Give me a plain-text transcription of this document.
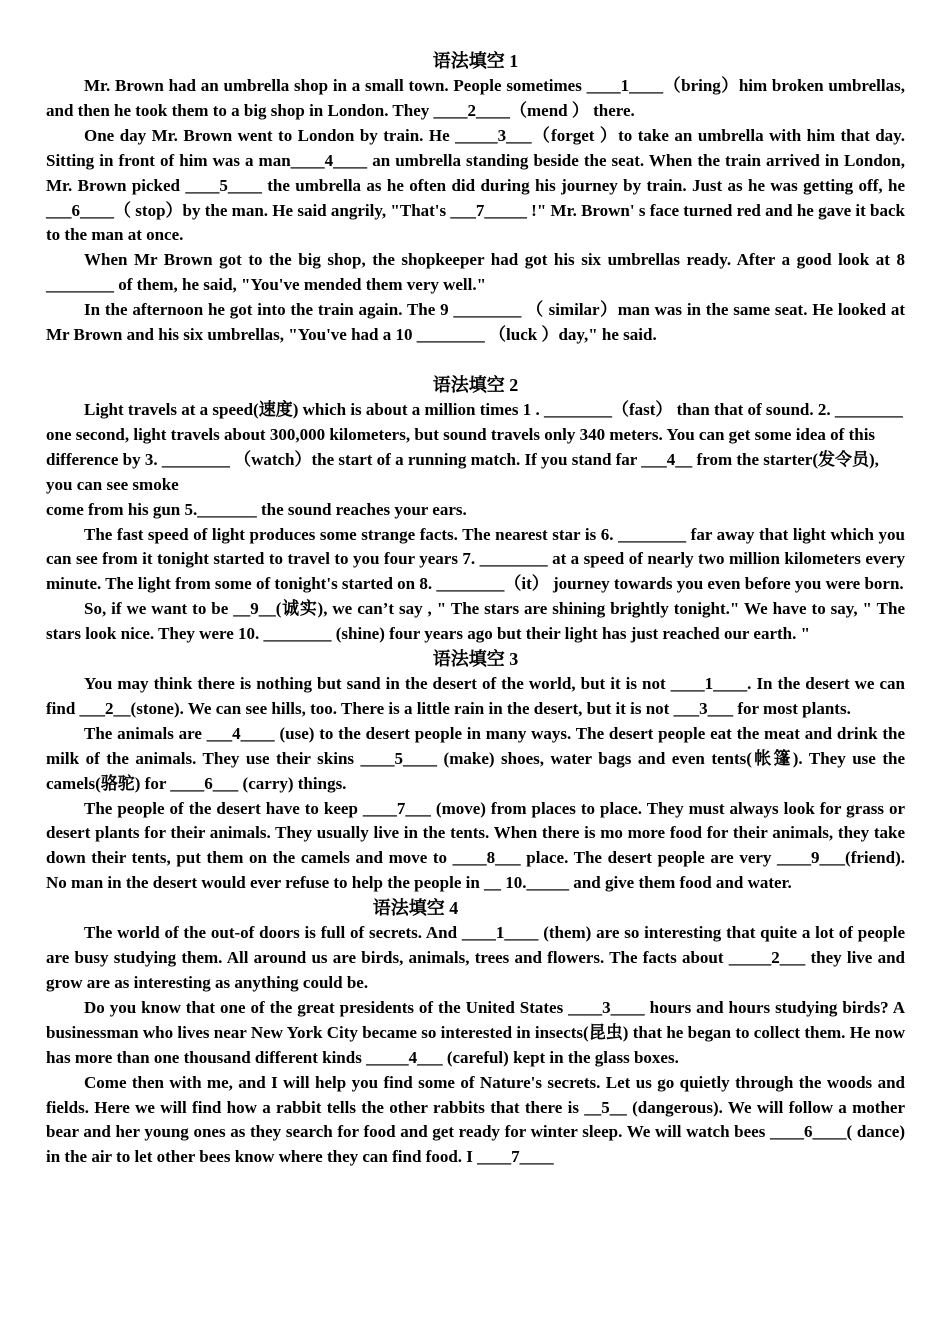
语法填空 1

Mr. Brown had an umbrella shop in a small town. People sometimes ____1____（bring）him broken umbrellas, and then he took them to a big shop in London. They ____2____（mend ） there.

One day Mr. Brown went to London by train. He _____3___（forget ）to take an umbrella with him that day. Sitting in front of him was a man____4____ an umbrella standing beside the seat. When the train arrived in London, Mr. Brown picked ____5____ the umbrella as he often did during his journey by train. Just as he was getting off, he ___6____（ stop）by the man. He said angrily, "That's ___7_____ !" Mr. Brown' s face turned red and he gave it back to the man at once.

When Mr Brown got to the big shop, the shopkeeper had got his six umbrellas ready. After a good look at 8 ________ of them, he said, "You've mended them very well."

In the afternoon he got into the train again. The 9 ________ （ similar）man was in the same seat. He looked at Mr Brown and his six umbrellas, "You've had a 10 ________ （luck ）day," he said.

语法填空 2

Light travels at a speed(速度) which is about a million times 1 . ________（fast） than that of sound. 2. ________ one second, light travels about 300,000 kilometers, but sound travels only 340 meters. You can get some idea of this difference by 3. ________ （watch）the start of a running match. If you stand far ___4__ from the starter(发令员), you can see smoke

come from his gun 5._______ the sound reaches your ears.

The fast speed of light produces some strange facts. The nearest star is 6. ________ far away that light which you can see from it tonight started to travel to you four years 7. ________ at a speed of nearly two million kilometers every minute. The light from some of tonight's started on 8. ________（it） journey towards you even before you were born.

So, if we want to be __9__(诚实), we can’t say , " The stars are shining brightly tonight." We have to say, " The stars look nice. They were 10. ________ (shine) four years ago but their light has just reached our earth. "

语法填空 3

You may think there is nothing but sand in the desert of the world, but it is not ____1____. In the desert we can find ___2__(stone). We can see hills, too. There is a little rain in the desert, but it is not ___3___ for most plants.

The animals are ___4____ (use) to the desert people in many ways. The desert people eat the meat and drink the milk of the animals. They use their skins ____5____ (make) shoes, water bags and even tents(帐篷). They use the camels(骆驼) for ____6___ (carry) things.

The people of the desert have to keep ____7___ (move) from places to place. They must always look for grass or desert plants for their animals. They usually live in the tents. When there is mo more food for their animals, they take down their tents, put them on the camels and move to ____8___ place. The desert people are very ____9___(friend). No man in the desert would ever refuse to help the people in __ 10._____ and give them food and water.

语法填空 4

The world of the out-of doors is full of secrets. And ____1____ (them) are so interesting that quite a lot of people are busy studying them. All around us are birds, animals, trees and flowers. The facts about _____2___ they live and grow are as interesting as anything could be.

Do you know that one of the great presidents of the United States ____3____ hours and hours studying birds? A businessman who lives near New York City became so interested in insects(昆虫) that he began to collect them. He now has more than one thousand different kinds _____4___ (careful) kept in the glass boxes.

Come then with me, and I will help you find some of Nature's secrets. Let us go quietly through the woods and fields. Here we will find how a rabbit tells the other rabbits that there is __5__ (dangerous). We will follow a mother bear and her young ones as they search for food and get ready for winter sleep. We will watch bees ____6____( dance) in the air to let other bees know where they can find food. I ____7____
